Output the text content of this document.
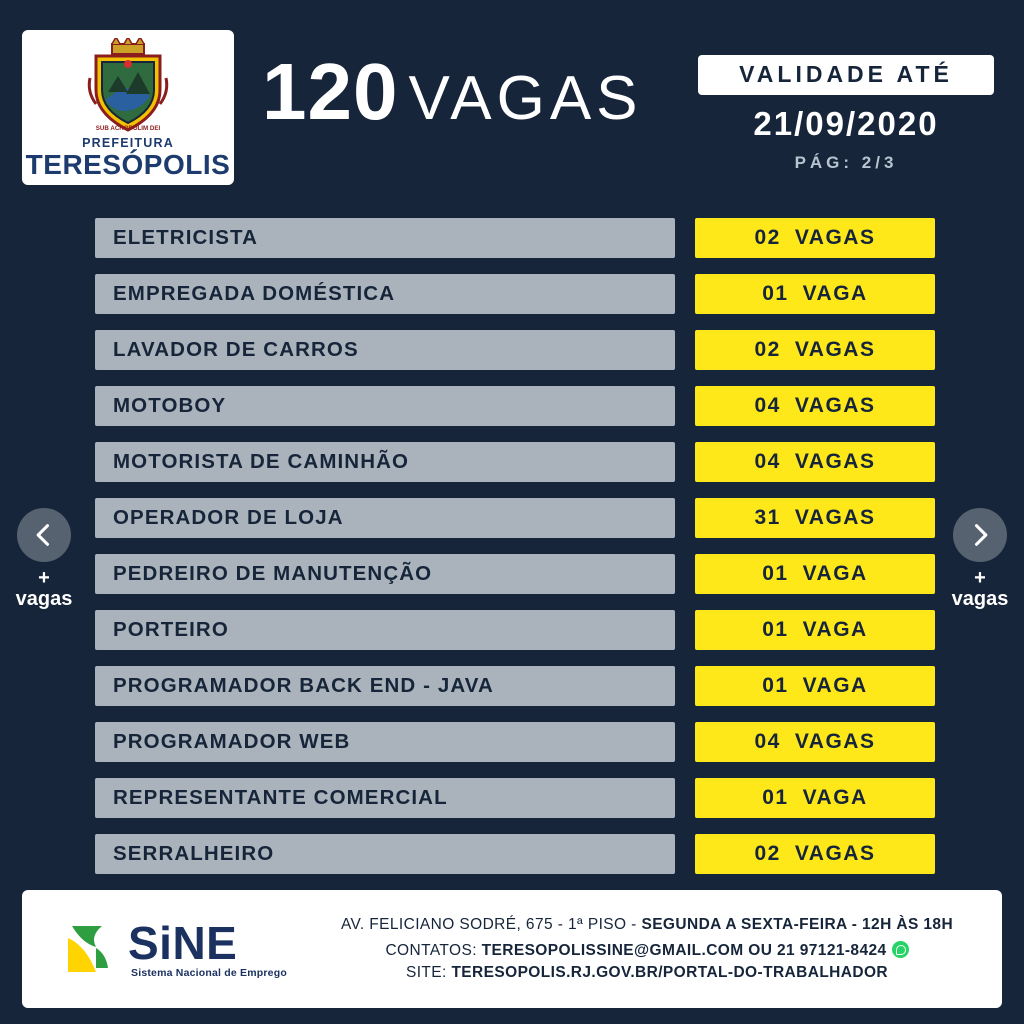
SUB ACROPOLIM DEI
PREFEITURA
TERESÓPOLIS
120 VAGAS	VALIDADE ATÉ
21/09/2020
PÁG: 2/3
ELETRICISTA	02 VAGAS
EMPREGADA DOMÉSTICA	01 VAGA
LAVADOR DE CARROS	02 VAGAS
MOTOBOY	04 VAGAS
MOTORISTA DE CAMINHÃO	04 VAGAS
OPERADOR DE LOJA	31 VAGAS
PEDREIRO DE MANUTENÇÃO	01 VAGA
PORTEIRO	01 VAGA
PROGRAMADOR BACK END - JAVA	01 VAGA
PROGRAMADOR WEB	04 VAGAS
REPRESENTANTE COMERCIAL	01 VAGA
SERRALHEIRO	02 VAGAS
+
vagas
+
vagas
SiNE
Sistema Nacional de Emprego
AV. FELICIANO SODRÉ, 675 - 1ª PISO - SEGUNDA A SEXTA-FEIRA - 12H ÀS 18H
CONTATOS: TERESOPOLISSINE@GMAIL.COM OU 21 97121-8424
SITE: TERESOPOLIS.RJ.GOV.BR/PORTAL-DO-TRABALHADOR
